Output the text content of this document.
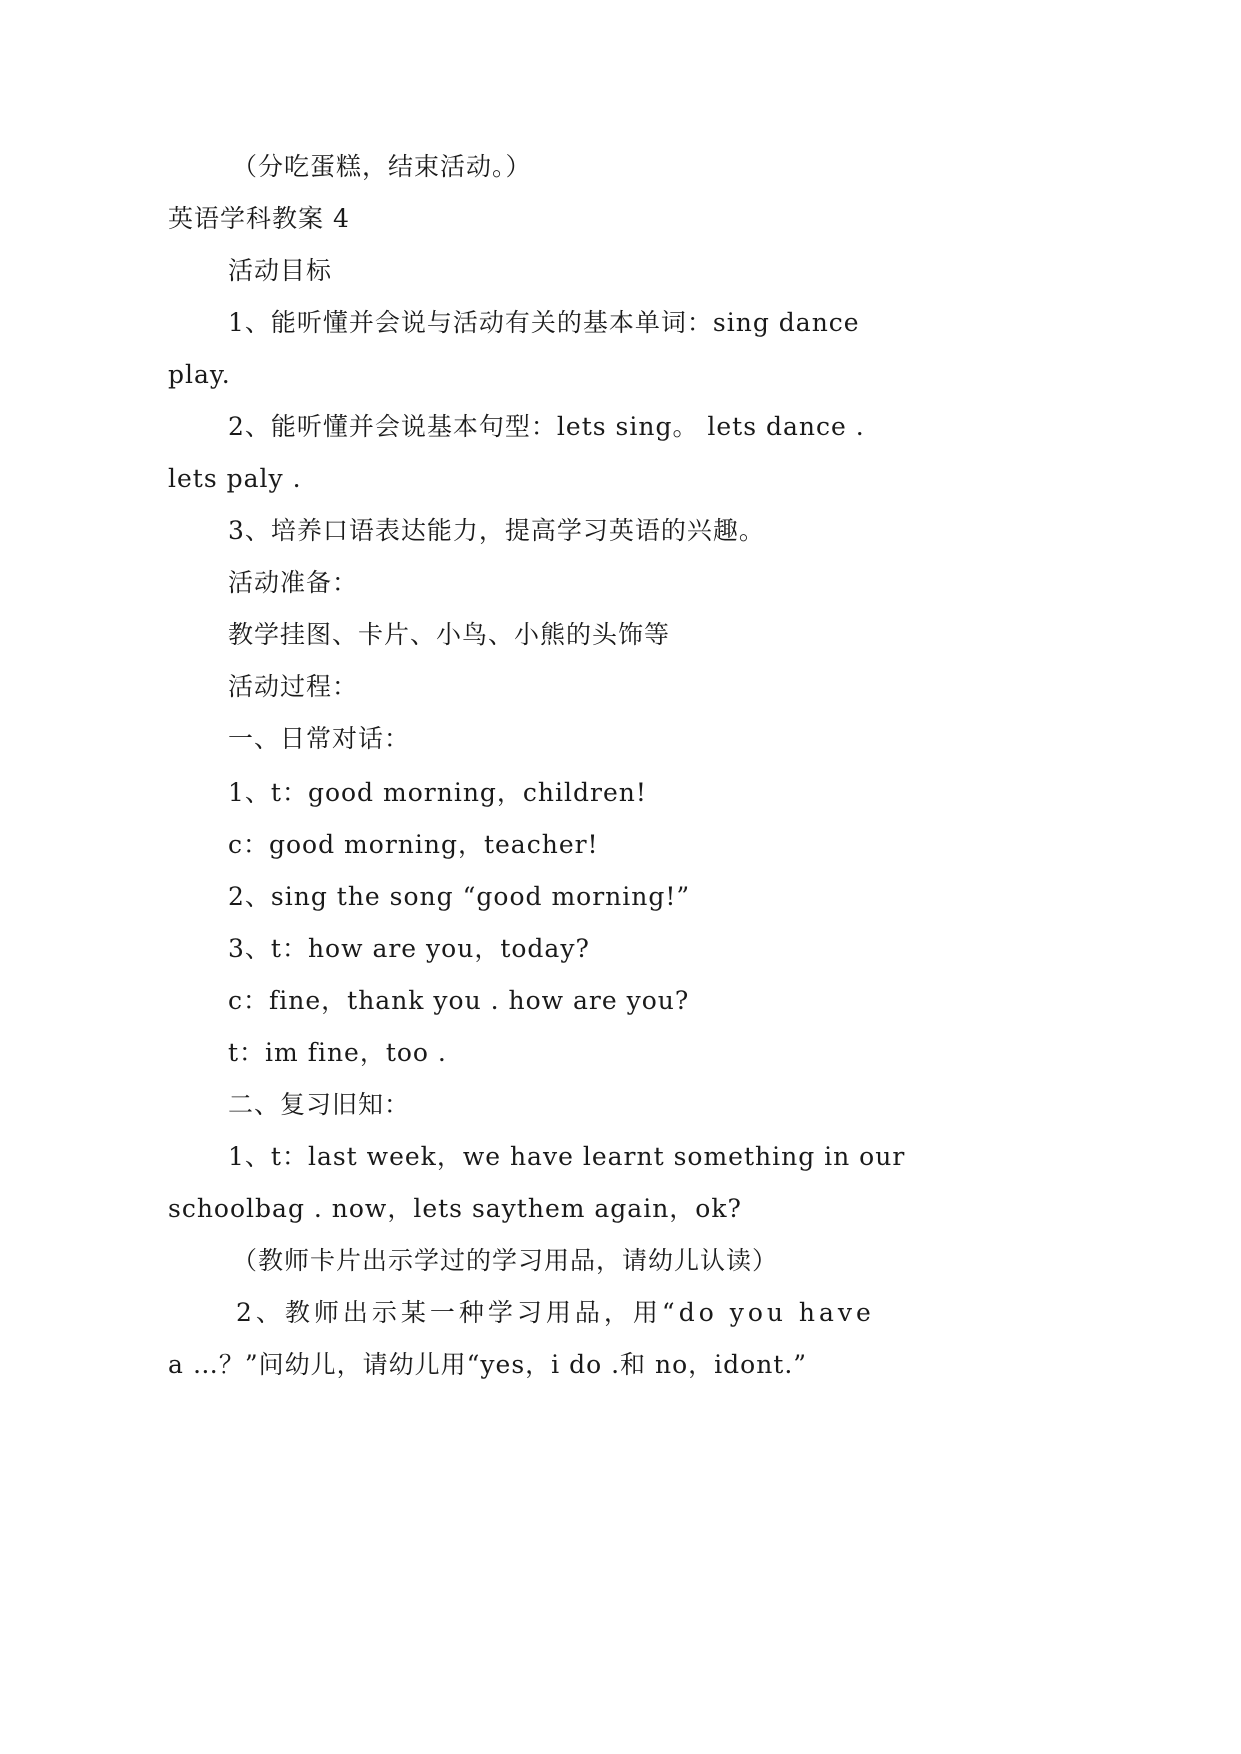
（分吃蛋糕，结束活动。）
英语学科教案 4
活动目标
1、能听懂并会说与活动有关的基本单词：sing dance
play.
2、能听懂并会说基本句型：lets sing。 lets dance .
lets paly .
3、培养口语表达能力，提高学习英语的兴趣。
活动准备：
教学挂图、卡片、小鸟、小熊的头饰等
活动过程：
一、日常对话：
1、t：good morning，children!
c：good morning，teacher!
2、sing the song “good morning!”
3、t：how are you，today?
c：fine，thank you . how are you?
t：im fine，too .
二、复习旧知：
1、t：last week，we have learnt something in our
schoolbag . now，lets saythem again，ok?
（教师卡片出示学过的学习用品，请幼儿认读）
2、教师出示某一种学习用品，用“do you have
a …？”问幼儿，请幼儿用“yes，i do .和 no，idont.”
